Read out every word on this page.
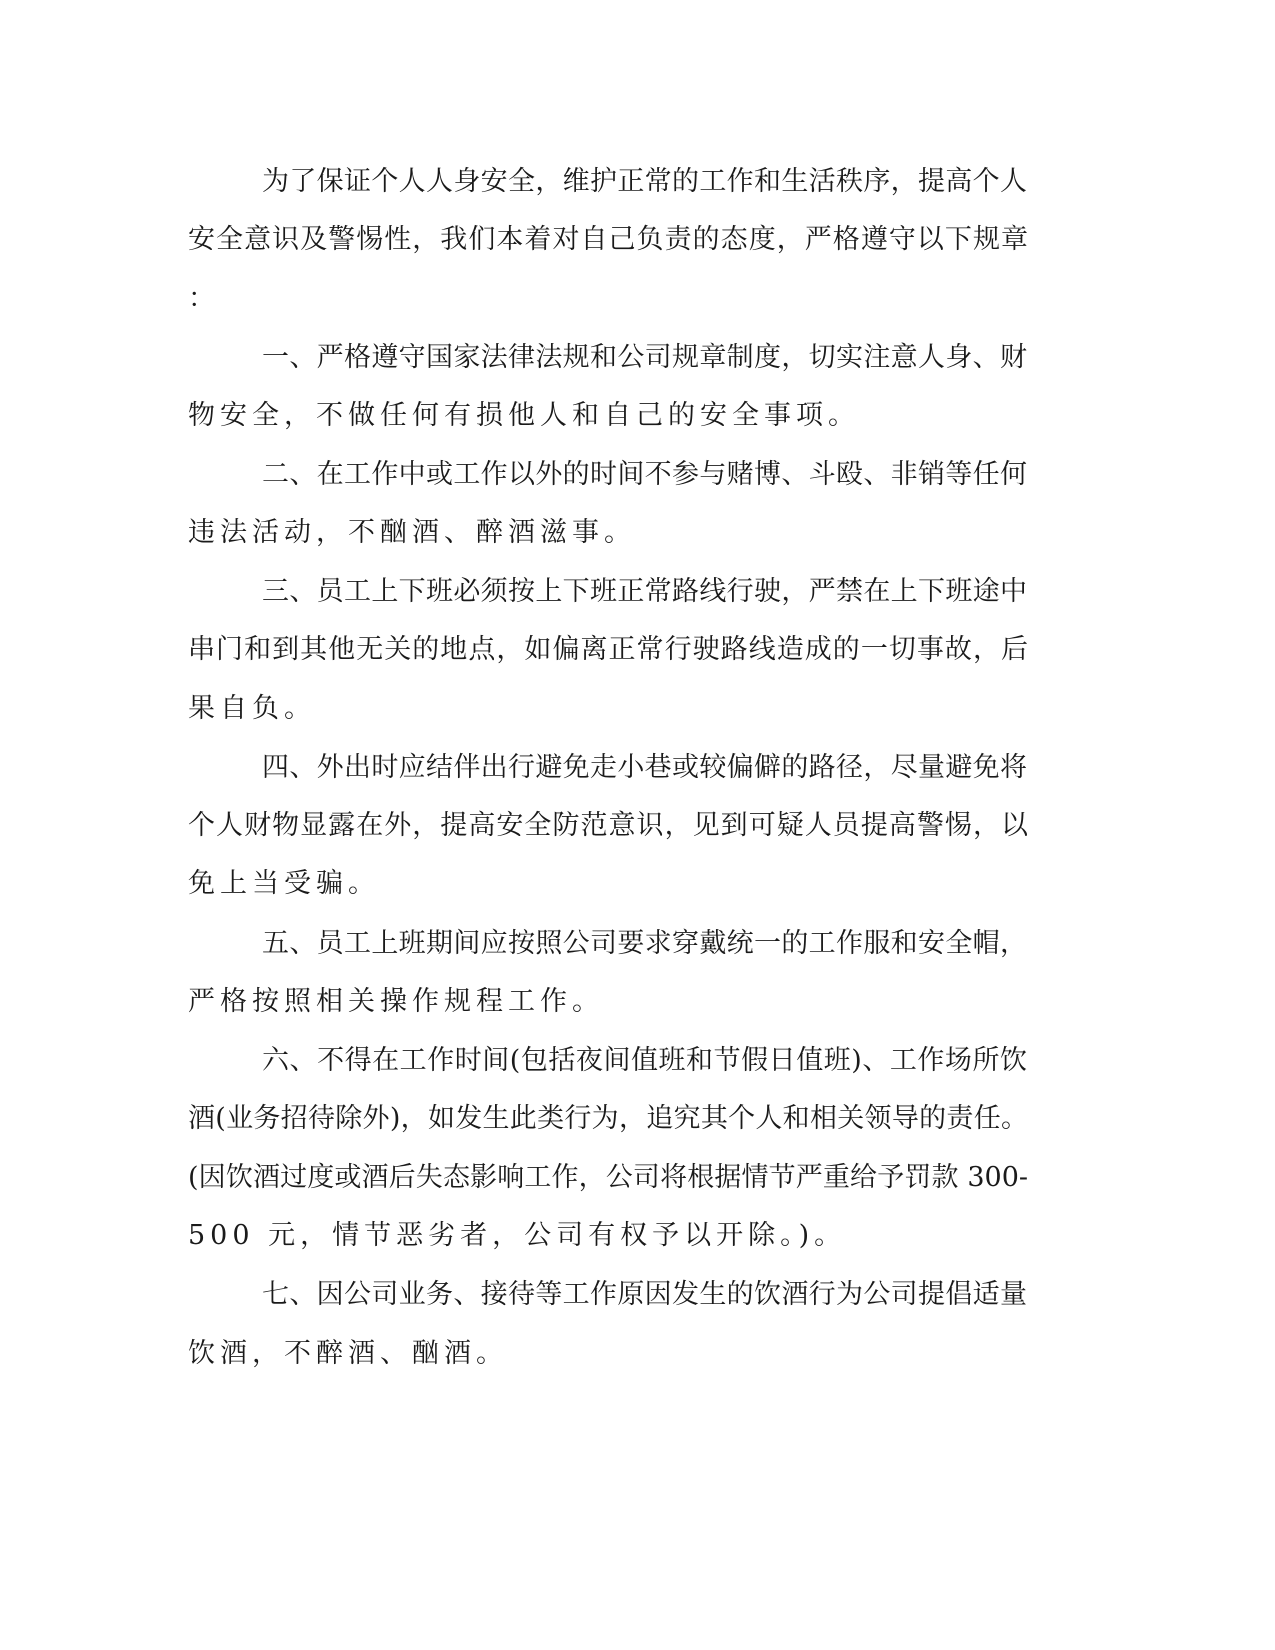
为了保证个人人身安全，维护正常的工作和生活秩序，提高个人
安全意识及警惕性，我们本着对自己负责的态度，严格遵守以下规章
：
一、严格遵守国家法律法规和公司规章制度，切实注意人身、财
物安全，不做任何有损他人和自己的安全事项。
二、在工作中或工作以外的时间不参与赌博、斗殴、非销等任何
违法活动，不酗酒、醉酒滋事。
三、员工上下班必须按上下班正常路线行驶，严禁在上下班途中
串门和到其他无关的地点，如偏离正常行驶路线造成的一切事故，后
果自负。
四、外出时应结伴出行避免走小巷或较偏僻的路径，尽量避免将
个人财物显露在外，提高安全防范意识，见到可疑人员提高警惕，以
免上当受骗。
五、员工上班期间应按照公司要求穿戴统一的工作服和安全帽，
严格按照相关操作规程工作。
六、不得在工作时间(包括夜间值班和节假日值班)、工作场所饮
酒(业务招待除外)，如发生此类行为，追究其个人和相关领导的责任。
(因饮酒过度或酒后失态影响工作，公司将根据情节严重给予罚款 300-
500 元，情节恶劣者，公司有权予以开除。)。
七、因公司业务、接待等工作原因发生的饮酒行为公司提倡适量
饮酒，不醉酒、酗酒。
